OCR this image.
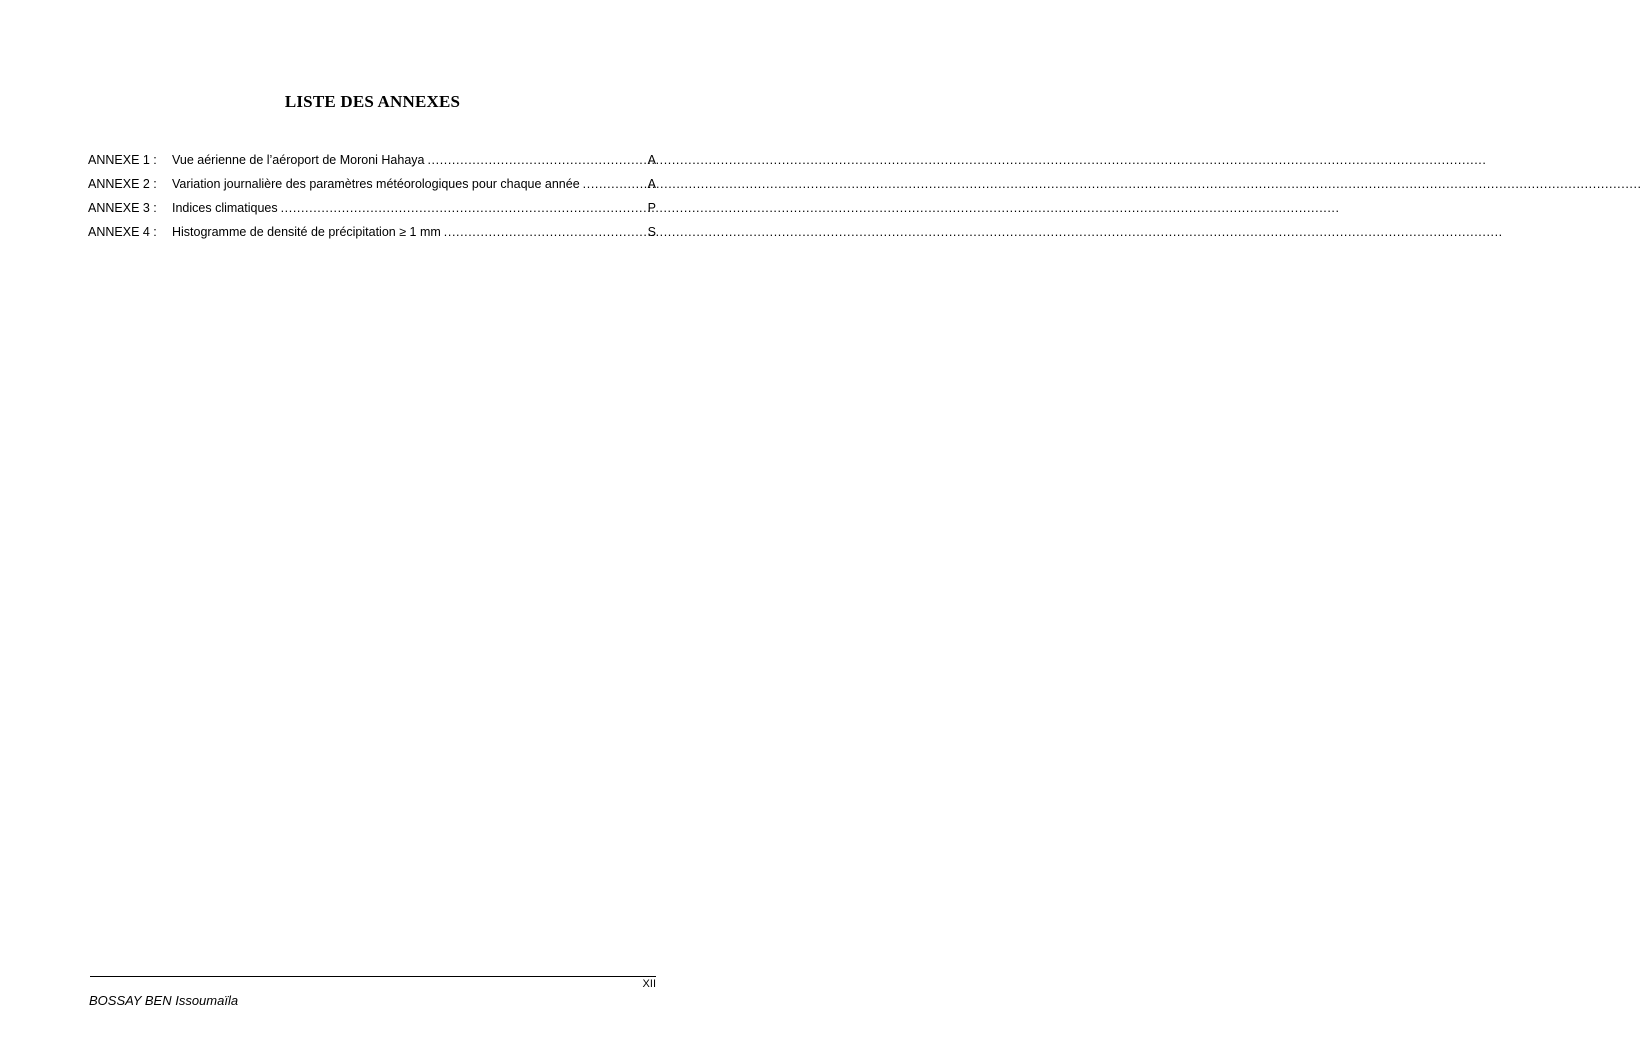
LISTE DES ANNEXES
ANNEXE 1 :	Vue aérienne de l’aéroport de Moroni Hahaya .....	A
ANNEXE 2 :	Variation journalière des paramètres météorologiques pour chaque année .....	A
ANNEXE 3 :	Indices climatiques .....	P
ANNEXE 4 :	Histogramme de densité de précipitation ≥ 1 mm .....	S
XII
BOSSAY BEN Issoumaïla
